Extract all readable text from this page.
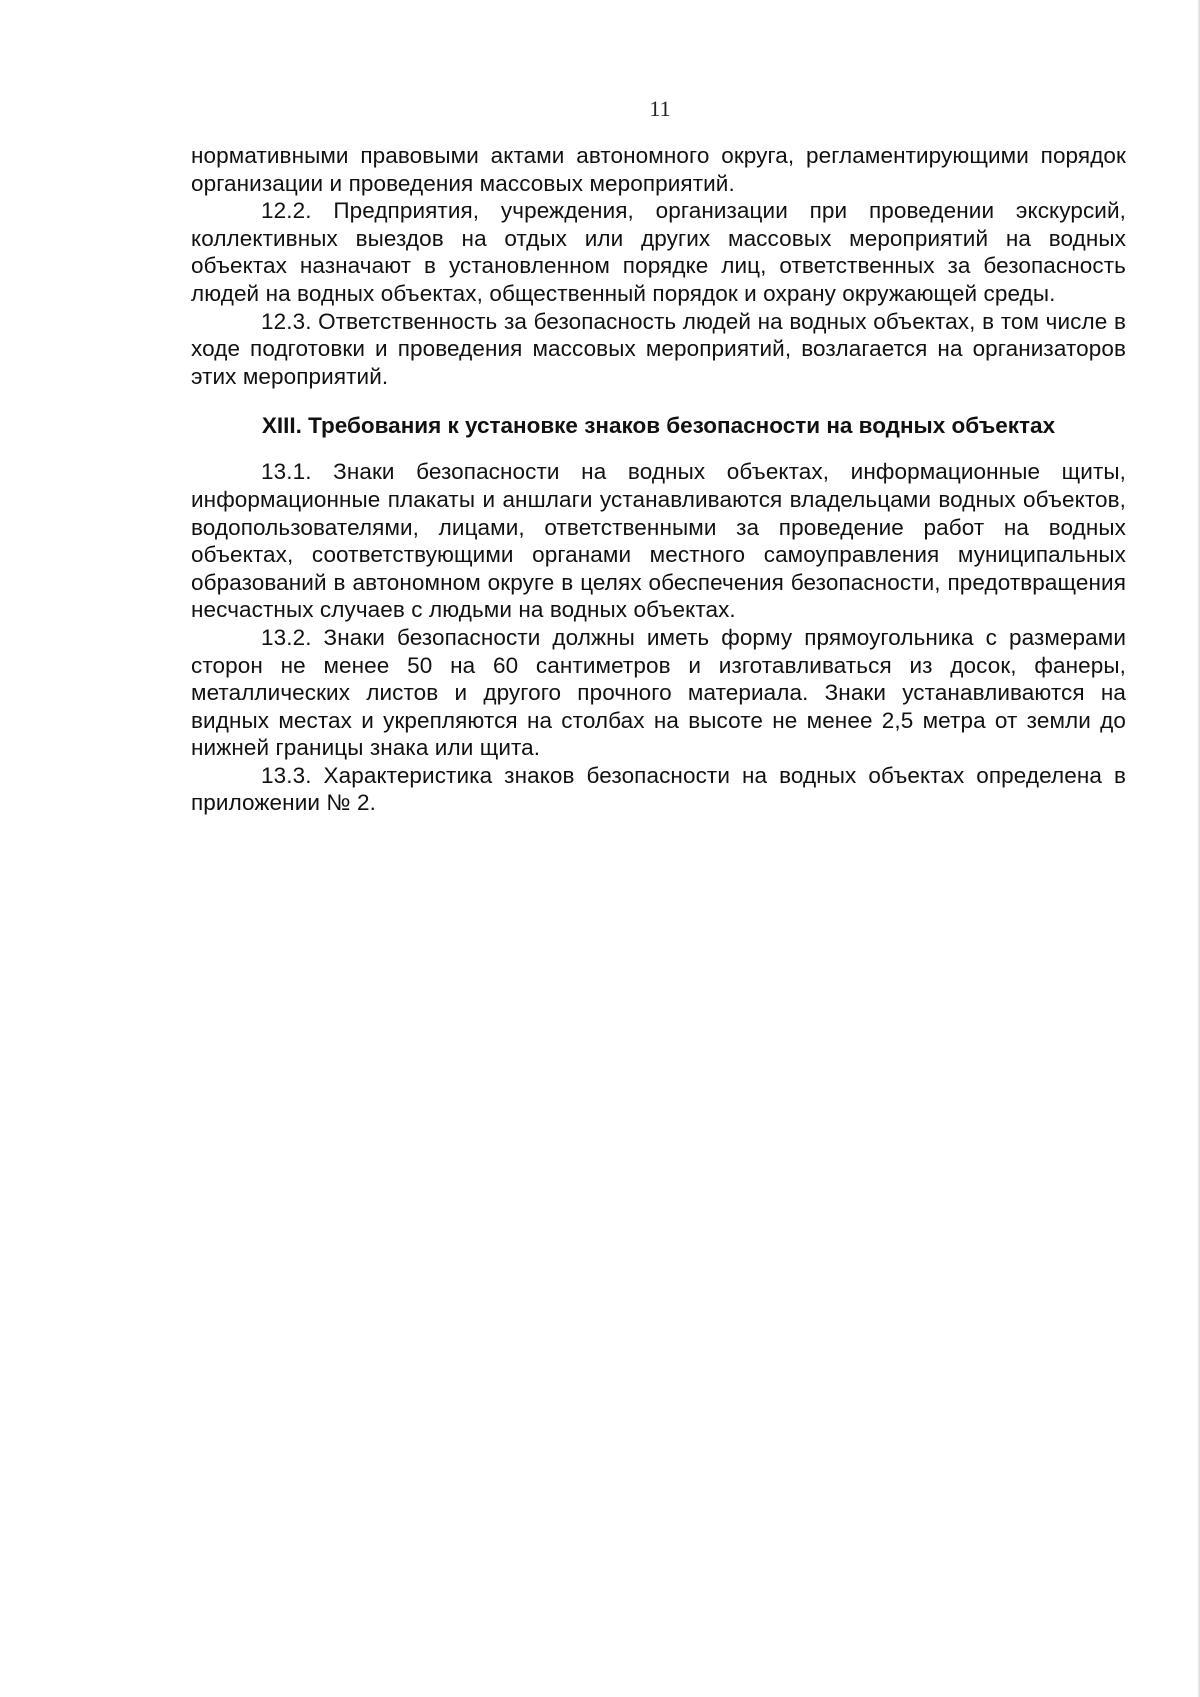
11

нормативными правовыми актами автономного округа, регламентирующими порядок организации и проведения массовых мероприятий.

12.2. Предприятия, учреждения, организации при проведении экскурсий, коллективных выездов на отдых или других массовых мероприятий на водных объектах назначают в установленном порядке лиц, ответственных за безопасность людей на водных объектах, общественный порядок и охрану окружающей среды.

12.3. Ответственность за безопасность людей на водных объектах, в том числе в ходе подготовки и проведения массовых мероприятий, возлагается на организаторов этих мероприятий.

XIII. Требования к установке знаков безопасности на водных объектах

13.1. Знаки безопасности на водных объектах, информационные щиты, информационные плакаты и аншлаги устанавливаются владельцами водных объектов, водопользователями, лицами, ответственными за проведение работ на водных объектах, соответствующими органами местного самоуправления муниципальных образований в автономном округе в целях обеспечения безопасности, предотвращения несчастных случаев с людьми на водных объектах.

13.2. Знаки безопасности должны иметь форму прямоугольника с размерами сторон не менее 50 на 60 сантиметров и изготавливаться из досок, фанеры, металлических листов и другого прочного материала. Знаки устанавливаются на видных местах и укрепляются на столбах на высоте не менее 2,5 метра от земли до нижней границы знака или щита.

13.3. Характеристика знаков безопасности на водных объектах определена в приложении № 2.
